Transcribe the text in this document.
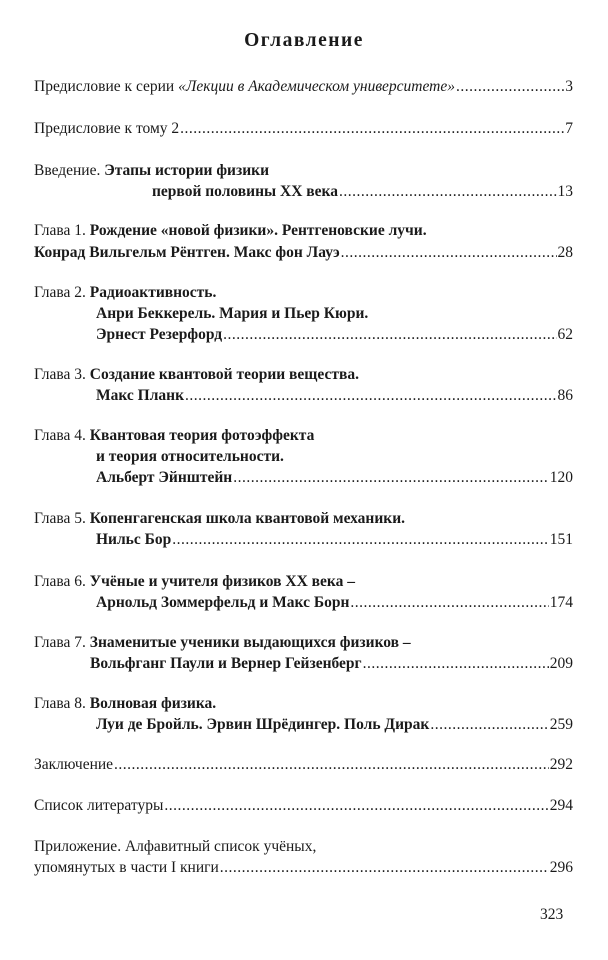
Оглавление
Предисловие к серии
«Лекции в Академическом университете» .....	3
Предисловие к тому 2 .....	7
Введение. Этапы истории физики
первой половины XX века .....	13
Глава 1. Рождение «новой физики». Рентгеновские лучи.
Конрад Вильгельм Рёнтген. Макс фон Лауэ .....	28
Глава 2. Радиоактивность.
Анри Беккерель. Мария и Пьер Кюри.
Эрнест Резерфорд .....	62
Глава 3. Создание квантовой теории вещества.
Макс Планк .....	86
Глава 4. Квантовая теория фотоэффекта
и теория относительности.
Альберт Эйнштейн .....	120
Глава 5. Копенгагенская школа квантовой механики.
Нильс Бор .....	151
Глава 6. Учёные и учителя физиков XX века –
Арнольд Зоммерфельд и Макс Борн .....	174
Глава 7. Знаменитые ученики выдающихся физиков –
Вольфганг Паули и Вернер Гейзенберг .....	209
Глава 8. Волновая физика.
Луи де Бройль. Эрвин Шрёдингер. Поль Дирак .....	259
Заключение .....	292
Список литературы .....	294
Приложение. Алфавитный список учёных,
упомянутых в части I книги .....	296
323
